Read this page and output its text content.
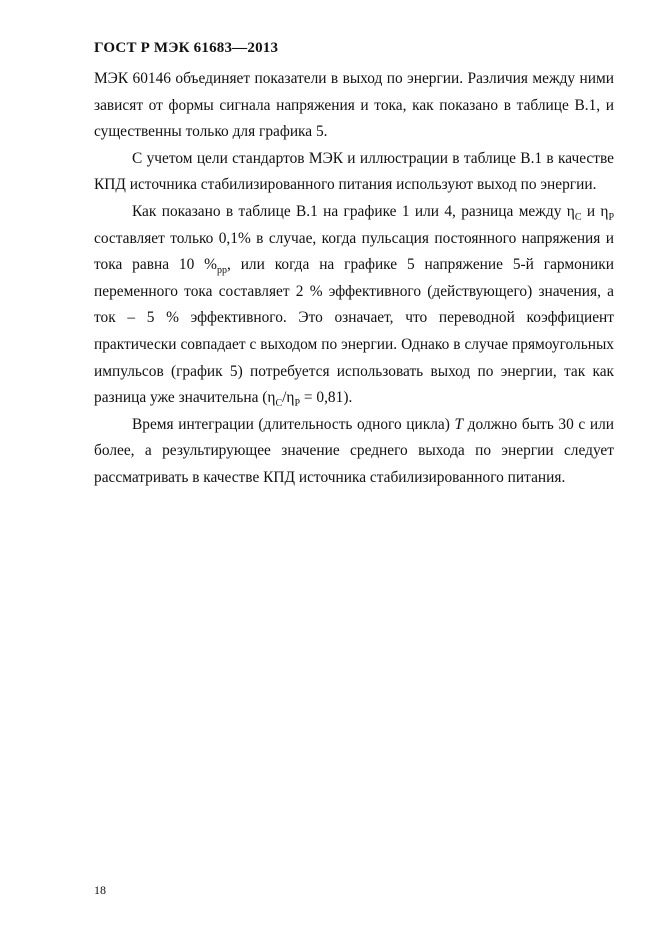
ГОСТ Р МЭК 61683—2013

МЭК 60146 объединяет показатели в выход по энергии. Различия между ними зависят от формы сигнала напряжения и тока, как показано в таблице В.1, и существенны только для графика 5.

С учетом цели стандартов МЭК и иллюстрации в таблице В.1 в качестве КПД источника стабилизированного питания используют выход по энергии.

Как показано в таблице В.1 на графике 1 или 4, разница между $\eta_C$ и $\eta_P$ составляет только 0,1% в случае, когда пульсация постоянного напряжения и тока равна 10 $\%_{pp}$, или когда на графике 5 напряжение 5-й гармоники переменного тока составляет 2 % эффективного (действующего) значения, а ток – 5 % эффективного. Это означает, что переводной коэффициент практически совпадает с выходом по энергии. Однако в случае прямоугольных импульсов (график 5) потребуется использовать выход по энергии, так как разница уже значительна $(\eta_C/\eta_P = 0,81)$.

Время интеграции (длительность одного цикла) T должно быть 30 с или более, а результирующее значение среднего выхода по энергии следует рассматривать в качестве КПД источника стабилизированного питания.

18
